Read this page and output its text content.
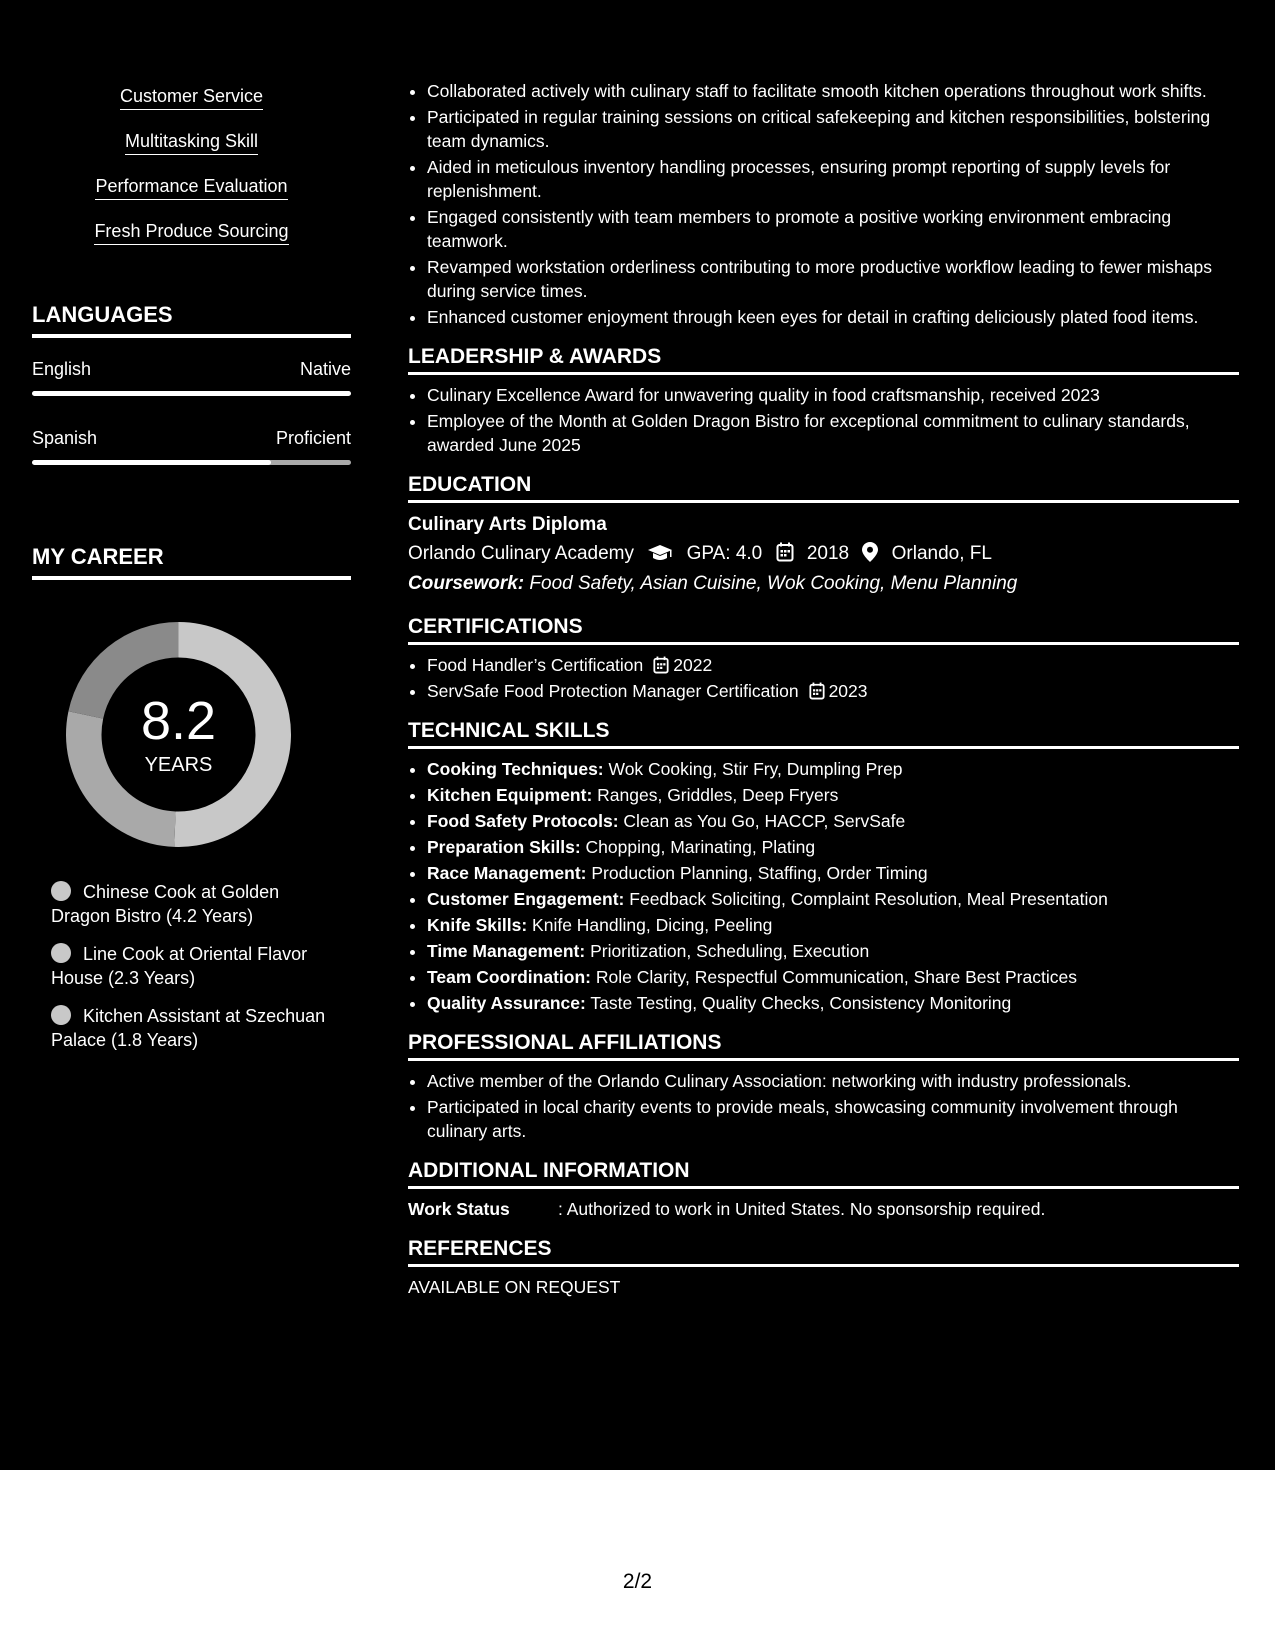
Customer Service
Multitasking Skill
Performance Evaluation
Fresh Produce Sourcing
LANGUAGES
English	Native
Spanish	Proficient
MY CAREER
8.2
YEARS
Chinese Cook at Golden Dragon Bistro (4.2 Years)
Line Cook at Oriental Flavor House (2.3 Years)
Kitchen Assistant at Szechuan Palace (1.8 Years)
• Collaborated actively with culinary staff to facilitate smooth kitchen operations throughout work shifts.
• Participated in regular training sessions on critical safekeeping and kitchen responsibilities, bolstering team dynamics.
• Aided in meticulous inventory handling processes, ensuring prompt reporting of supply levels for replenishment.
• Engaged consistently with team members to promote a positive working environment embracing teamwork.
• Revamped workstation orderliness contributing to more productive workflow leading to fewer mishaps during service times.
• Enhanced customer enjoyment through keen eyes for detail in crafting deliciously plated food items.
LEADERSHIP & AWARDS
• Culinary Excellence Award for unwavering quality in food craftsmanship, received 2023
• Employee of the Month at Golden Dragon Bistro for exceptional commitment to culinary standards, awarded June 2025
EDUCATION
Culinary Arts Diploma
Orlando Culinary Academy	GPA: 4.0 2018 Orlando, FL
Coursework: Food Safety, Asian Cuisine, Wok Cooking, Menu Planning
CERTIFICATIONS
• Food Handler’s Certification 2022
• ServSafe Food Protection Manager Certification 2023
TECHNICAL SKILLS
• Cooking Techniques: Wok Cooking, Stir Fry, Dumpling Prep
• Kitchen Equipment: Ranges, Griddles, Deep Fryers
• Food Safety Protocols: Clean as You Go, HACCP, ServSafe
• Preparation Skills: Chopping, Marinating, Plating
• Race Management: Production Planning, Staffing, Order Timing
• Customer Engagement: Feedback Soliciting, Complaint Resolution, Meal Presentation
• Knife Skills: Knife Handling, Dicing, Peeling
• Time Management: Prioritization, Scheduling, Execution
• Team Coordination: Role Clarity, Respectful Communication, Share Best Practices
• Quality Assurance: Taste Testing, Quality Checks, Consistency Monitoring
PROFESSIONAL AFFILIATIONS
• Active member of the Orlando Culinary Association: networking with industry professionals.
• Participated in local charity events to provide meals, showcasing community involvement through culinary arts.
ADDITIONAL INFORMATION
Work Status	: Authorized to work in United States. No sponsorship required.
REFERENCES
AVAILABLE ON REQUEST
2/2
